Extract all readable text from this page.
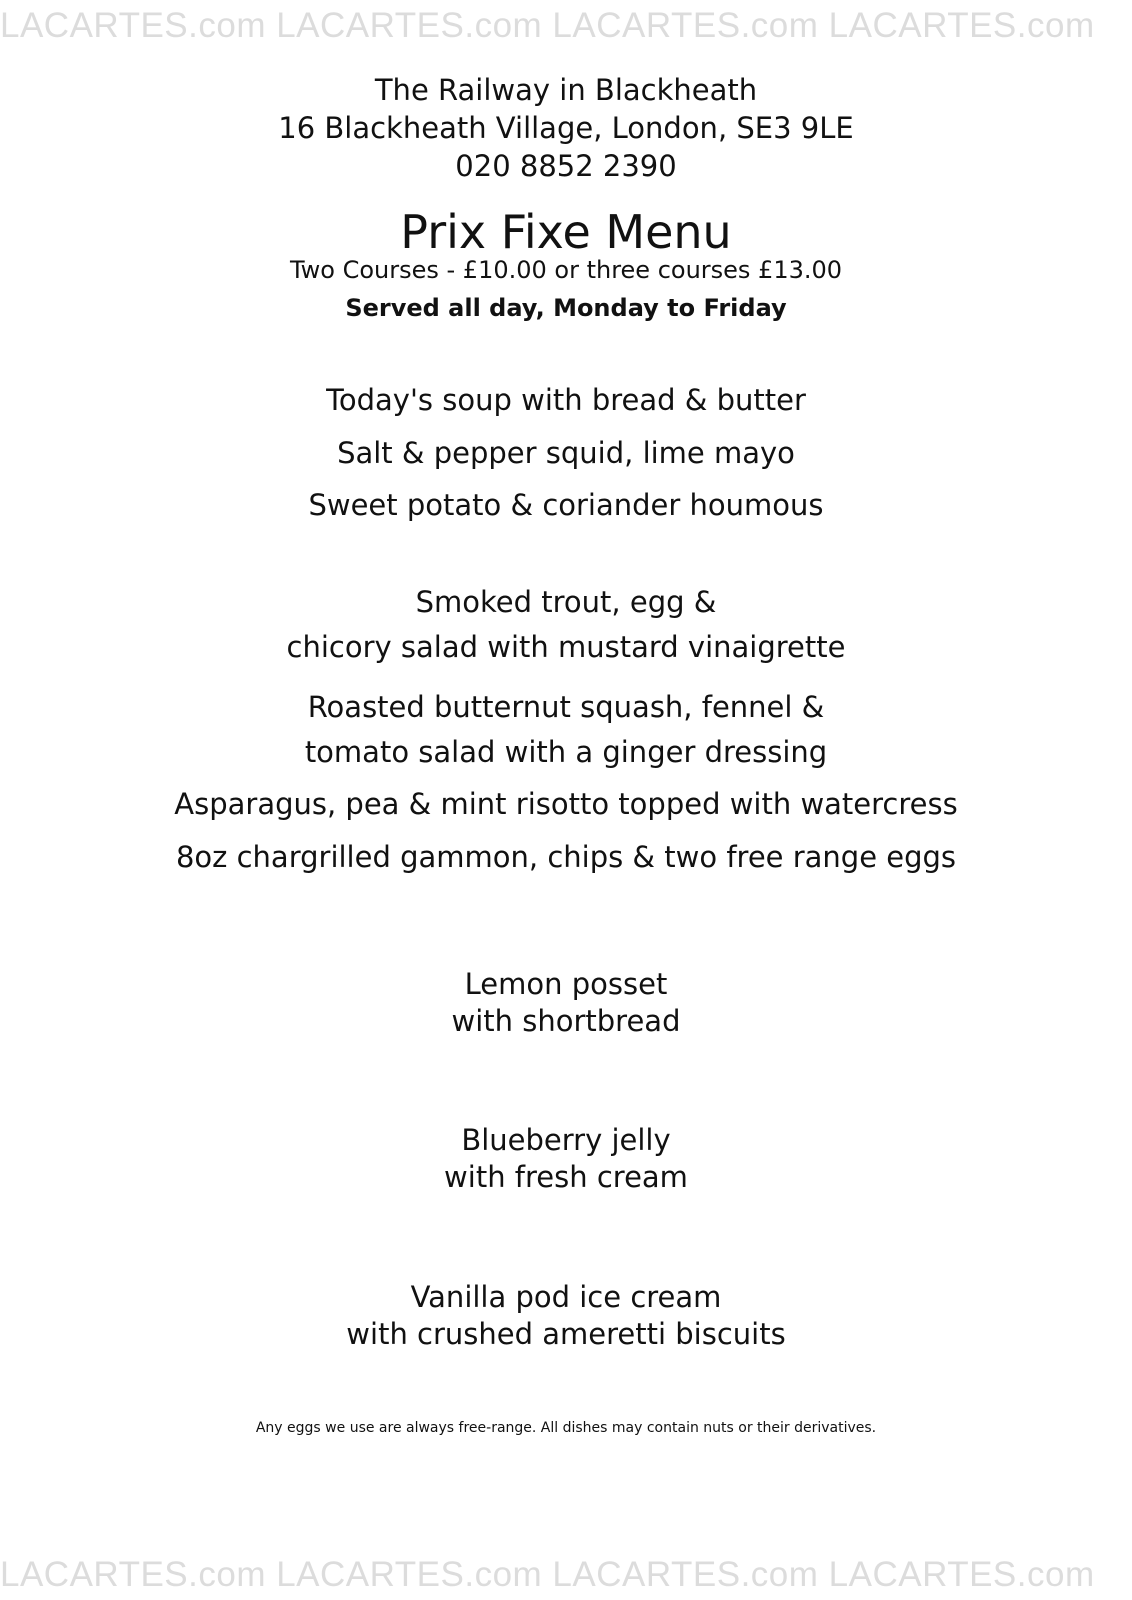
LACARTES.com LACARTES.com LACARTES.com LACARTES.com
The Railway in Blackheath
16 Blackheath Village, London, SE3 9LE
020 8852 2390
Prix Fixe Menu
Two Courses - £10.00 or three courses £13.00
Served all day, Monday to Friday
Today's soup with bread & butter
Salt & pepper squid, lime mayo
Sweet potato & coriander houmous
Smoked trout, egg &
chicory salad with mustard vinaigrette
Roasted butternut squash, fennel &
tomato salad with a ginger dressing
Asparagus, pea & mint risotto topped with watercress
8oz chargrilled gammon, chips & two free range eggs
Lemon posset
with shortbread
Blueberry jelly
with fresh cream
Vanilla pod ice cream
with crushed ameretti biscuits
Any eggs we use are always free-range. All dishes may contain nuts or their derivatives.
LACARTES.com LACARTES.com LACARTES.com LACARTES.com
